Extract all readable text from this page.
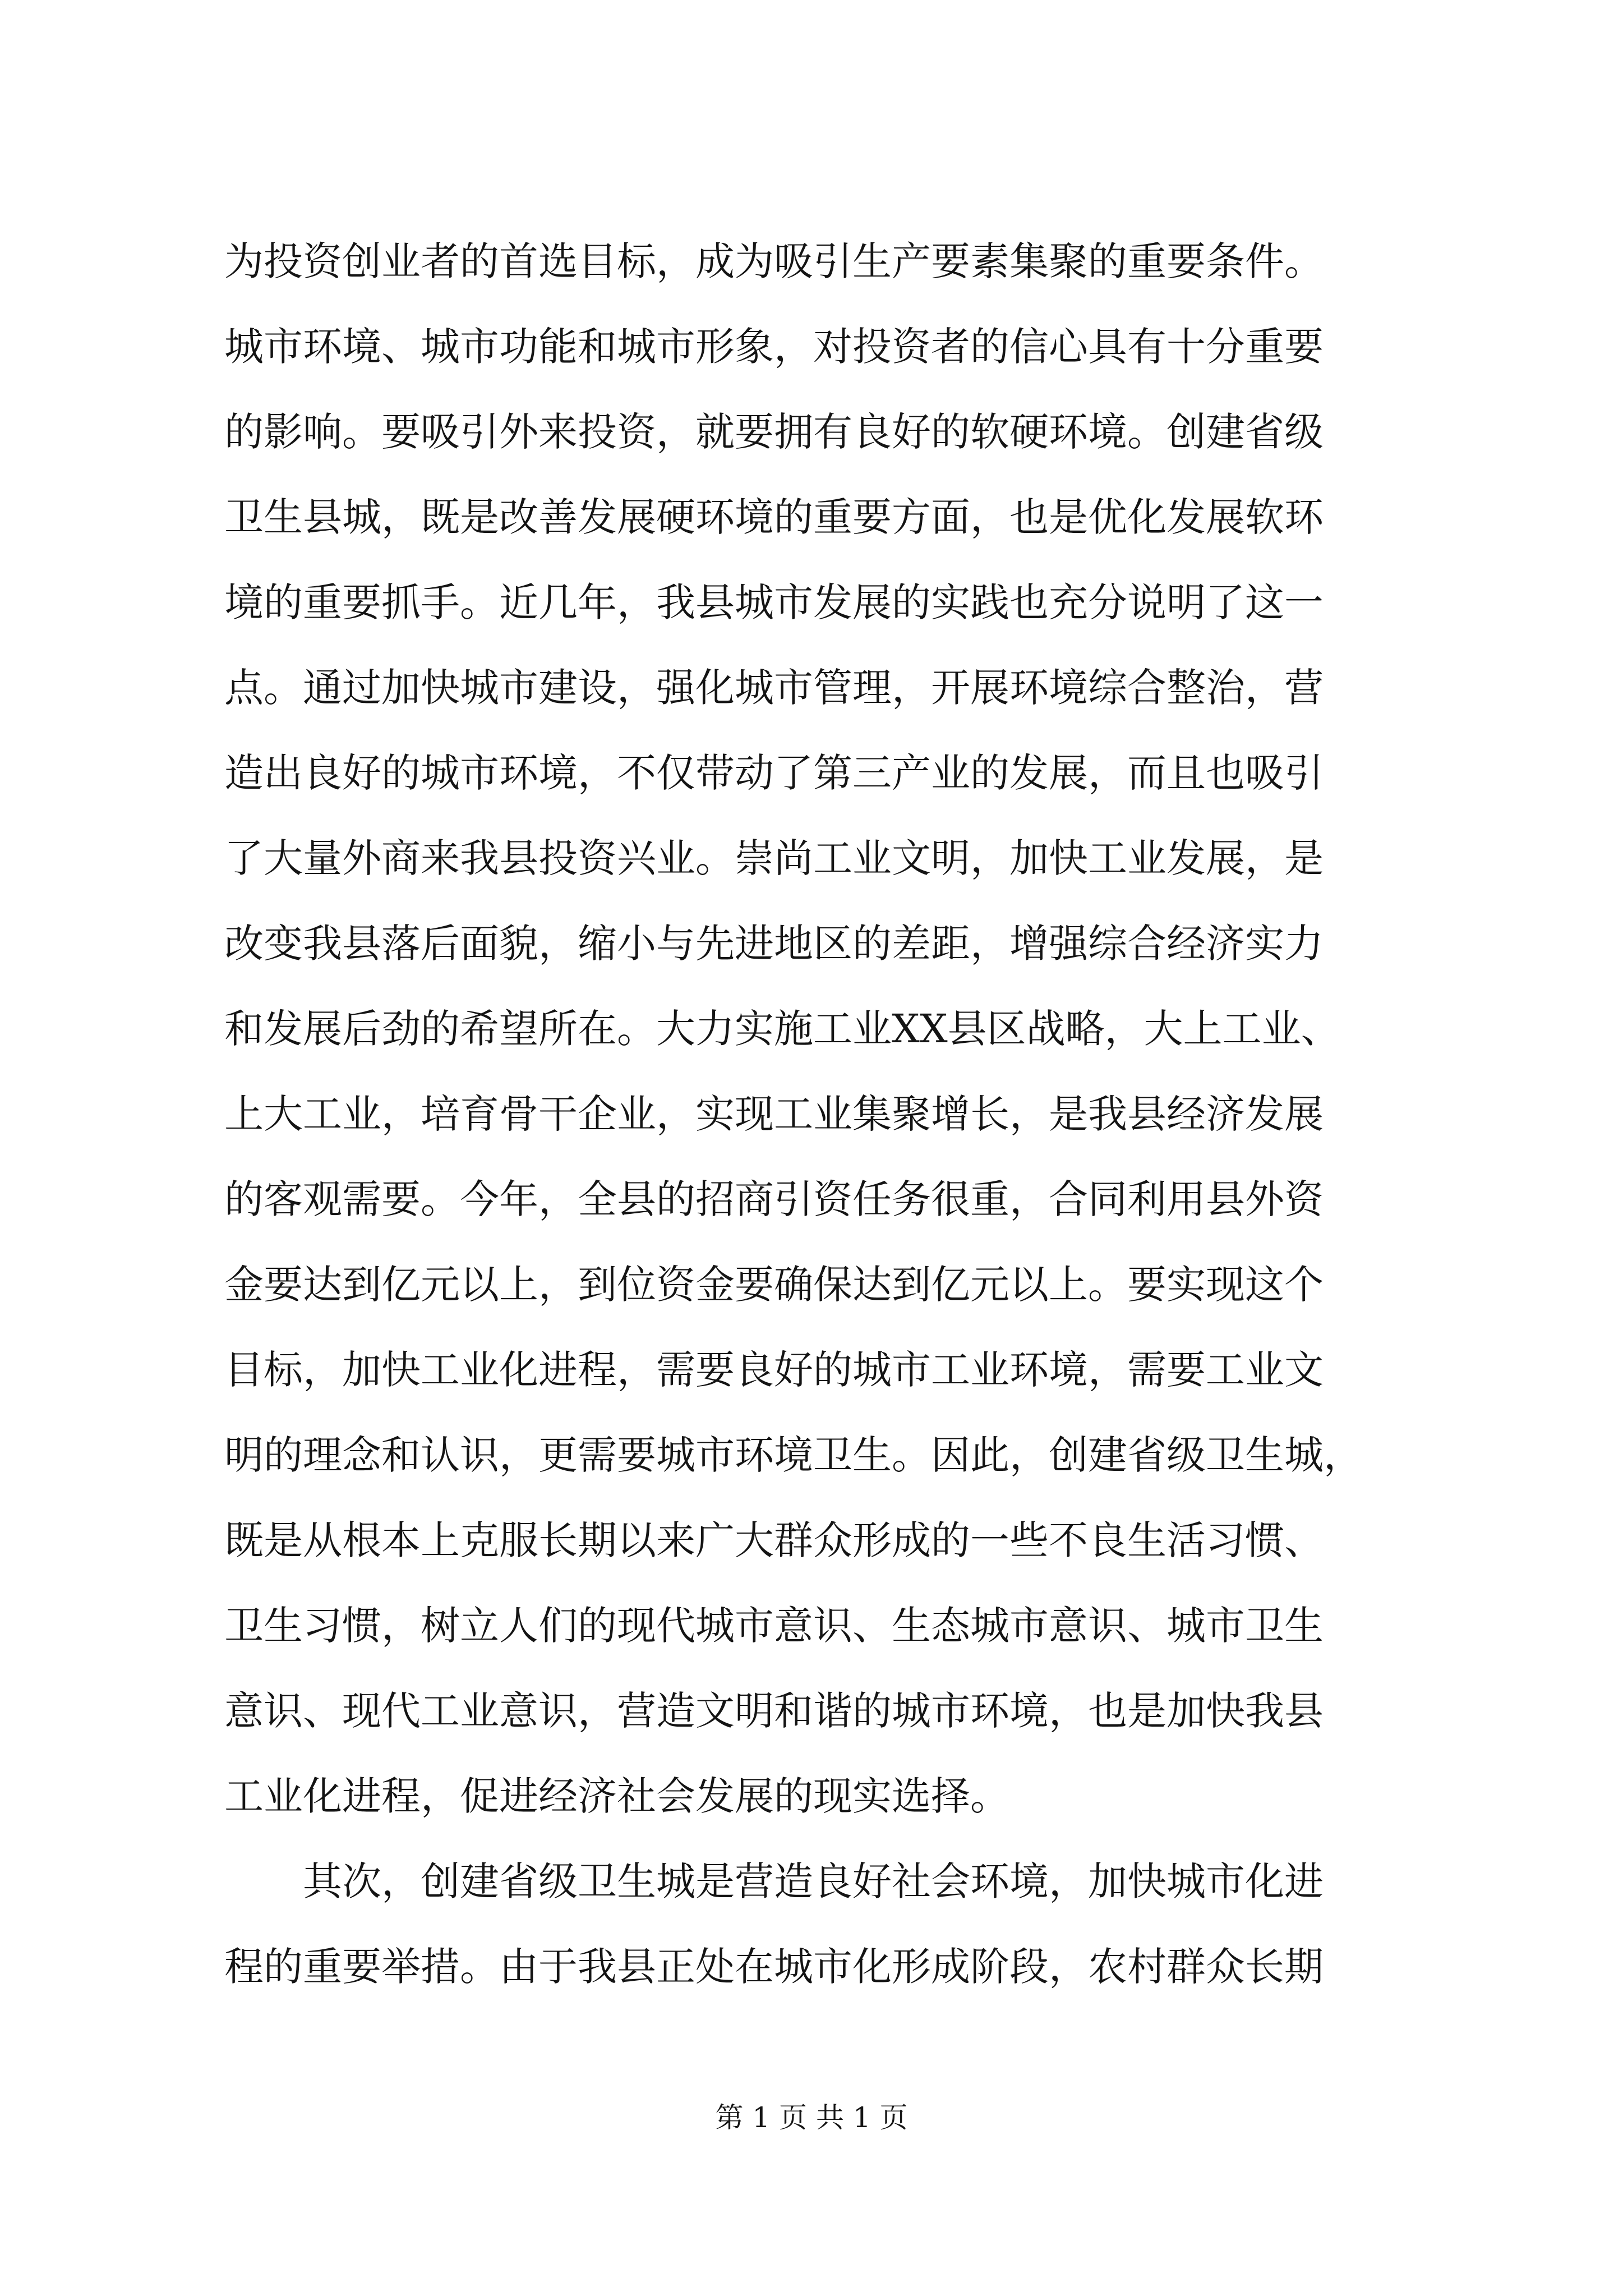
为投资创业者的首选目标，成为吸引生产要素集聚的重要条件。
城市环境、城市功能和城市形象，对投资者的信心具有十分重要
的影响。要吸引外来投资，就要拥有良好的软硬环境。创建省级
卫生县城，既是改善发展硬环境的重要方面，也是优化发展软环
境的重要抓手。近几年，我县城市发展的实践也充分说明了这一
点。通过加快城市建设，强化城市管理，开展环境综合整治，营
造出良好的城市环境，不仅带动了第三产业的发展，而且也吸引
了大量外商来我县投资兴业。崇尚工业文明，加快工业发展，是
改变我县落后面貌，缩小与先进地区的差距，增强综合经济实力
和发展后劲的希望所在。大力实施工业XX县区战略，大上工业、
上大工业，培育骨干企业，实现工业集聚增长，是我县经济发展
的客观需要。今年，全县的招商引资任务很重，合同利用县外资
金要达到亿元以上，到位资金要确保达到亿元以上。要实现这个
目标，加快工业化进程，需要良好的城市工业环境，需要工业文
明的理念和认识，更需要城市环境卫生。因此，创建省级卫生城，
既是从根本上克服长期以来广大群众形成的一些不良生活习惯、
卫生习惯，树立人们的现代城市意识、生态城市意识、城市卫生
意识、现代工业意识，营造文明和谐的城市环境，也是加快我县
工业化进程，促进经济社会发展的现实选择。
其次，创建省级卫生城是营造良好社会环境，加快城市化进
程的重要举措。由于我县正处在城市化形成阶段，农村群众长期
第 1 页 共 1 页
